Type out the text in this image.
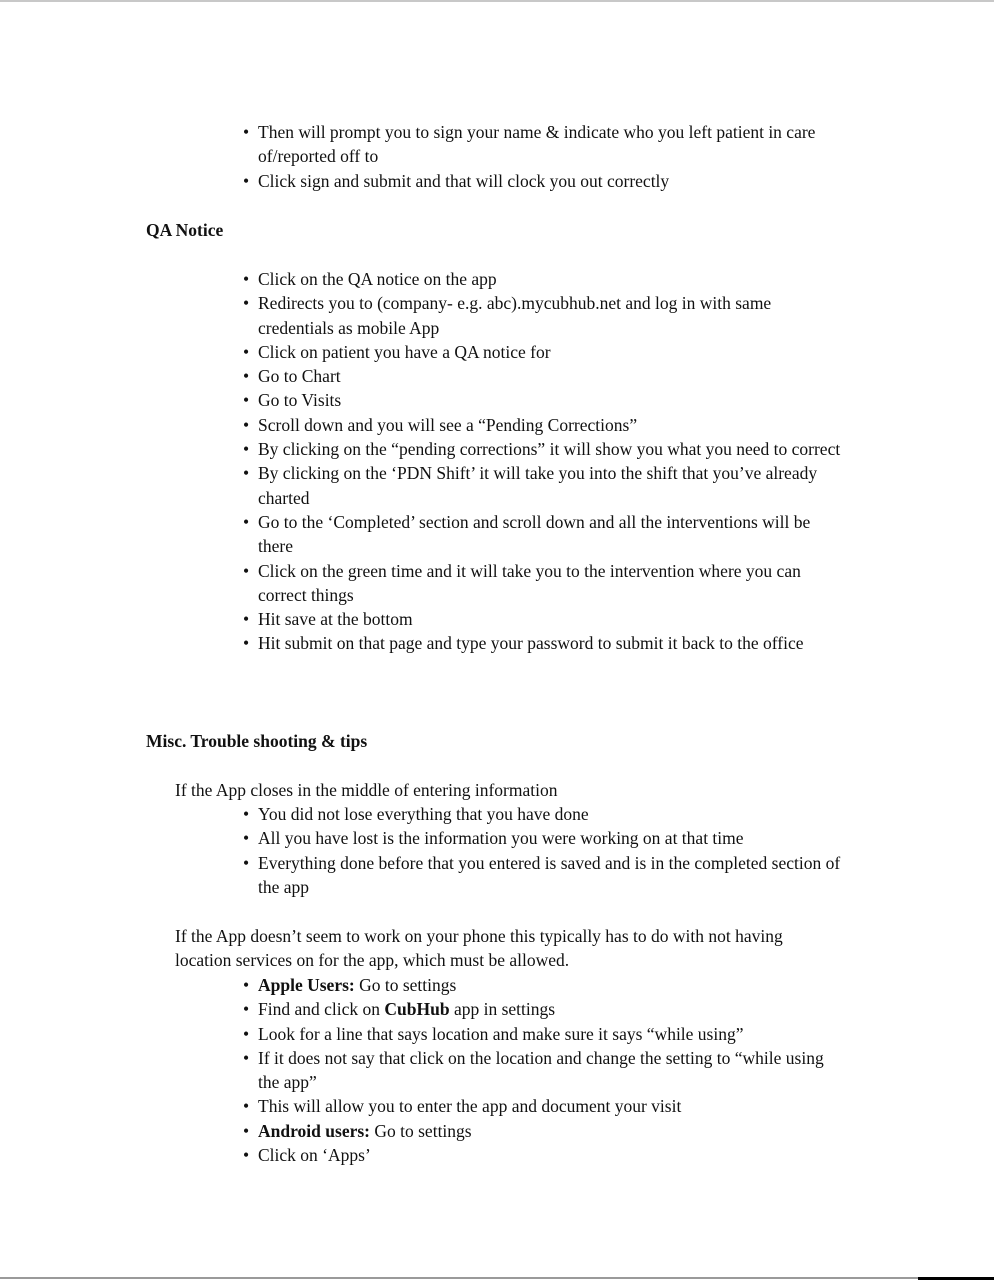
• Then will prompt you to sign your name & indicate who you left patient in care of/reported off to
• Click sign and submit and that will clock you out correctly
QA Notice
• Click on the QA notice on the app
• Redirects you to (company- e.g. abc).mycubhub.net and log in with same credentials as mobile App
• Click on patient you have a QA notice for
• Go to Chart
• Go to Visits
• Scroll down and you will see a “Pending Corrections”
• By clicking on the “pending corrections” it will show you what you need to correct
• By clicking on the ‘PDN Shift’ it will take you into the shift that you’ve already charted
• Go to the ‘Completed’ section and scroll down and all the interventions will be there
• Click on the green time and it will take you to the intervention where you can correct things
• Hit save at the bottom
• Hit submit on that page and type your password to submit it back to the office
Misc. Trouble shooting & tips

If the App closes in the middle of entering information

• You did not lose everything that you have done
• All you have lost is the information you were working on at that time
• Everything done before that you entered is saved and is in the completed section of the app

If the App doesn’t seem to work on your phone this typically has to do with not having location services on for the app, which must be allowed.

• Apple Users: Go to settings
• Find and click on CubHub app in settings
• Look for a line that says location and make sure it says “while using”
• If it does not say that click on the location and change the setting to “while using the app”
• This will allow you to enter the app and document your visit
• Android users: Go to settings
• Click on ‘Apps’
